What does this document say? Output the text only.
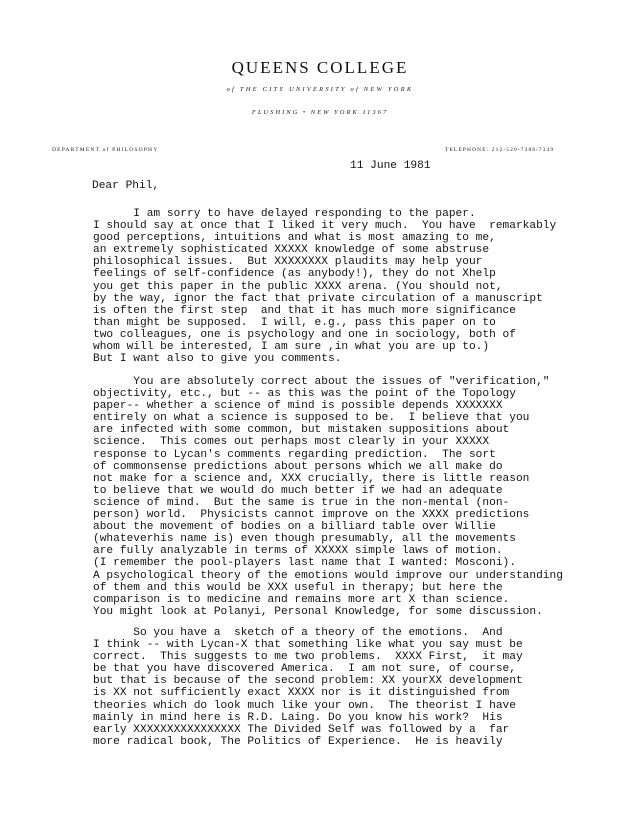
QUEENS COLLEGE
of THE CITY UNIVERSITY of NEW YORK
FLUSHING • NEW YORK 11367
DEPARTMENT of PHILOSOPHY	TELEPHONE: 212-520-7388/7349
11 June 1981
Dear Phil,
I am sorry to have delayed responding to the paper.
I should say at once that I liked it very much.  You have  remarkably
good perceptions, intuitions and what is most amazing to me,
an extremely sophisticated XXXXX knowledge of some abstruse
philosophical issues.  But XXXXXXXX plaudits may help your
feelings of self-confidence (as anybody!), they do not Xhelp
you get this paper in the public XXXX arena. (You should not,
by the way, ignor the fact that private circulation of a manuscript
is often the first step  and that it has much more significance
than might be supposed.  I will, e.g., pass this paper on to
two colleagues, one is psychology and one in sociology, both of
whom will be interested, I am sure ,in what you are up to.)
But I want also to give you comments.
You are absolutely correct about the issues of "verification,"
objectivity, etc., but -- as this was the point of the Topology
paper-- whether a science of mind is possible depends XXXXXXX
entirely on what a science is supposed to be.  I believe that you
are infected with some common, but mistaken suppositions about
science.  This comes out perhaps most clearly in your XXXXX
response to Lycan's comments regarding prediction.  The sort
of commonsense predictions about persons which we all make do
not make for a science and, XXX crucially, there is little reason
to believe that we would do much better if we had an adequate
science of mind.  But the same is true in the non-mental (non-
person) world.  Physicists cannot improve on the XXXX predictions
about the movement of bodies on a billiard table over Willie
(whateverhis name is) even though presumably, all the movements
are fully analyzable in terms of XXXXX simple laws of motion.
(I remember the pool-players last name that I wanted: Mosconi).
A psychological theory of the emotions would improve our understanding
of them and this would be XXX useful in therapy; but here the
comparison is to medicine and remains more art X than science.
You might look at Polanyi, Personal Knowledge, for some discussion.
So you have a  sketch of a theory of the emotions.  And
I think -- with Lycan-X that something like what you say must be
correct.  This suggests to me two problems.  XXXX First,  it may
be that you have discovered America.  I am not sure, of course,
but that is because of the second problem: XX yourXX development
is XX not sufficiently exact XXXX nor is it distinguished from
theories which do look much like your own.  The theorist I have
mainly in mind here is R.D. Laing. Do you know his work?  His
early XXXXXXXXXXXXXXXX The Divided Self was followed by a  far
more radical book, The Politics of Experience.  He is heavily
